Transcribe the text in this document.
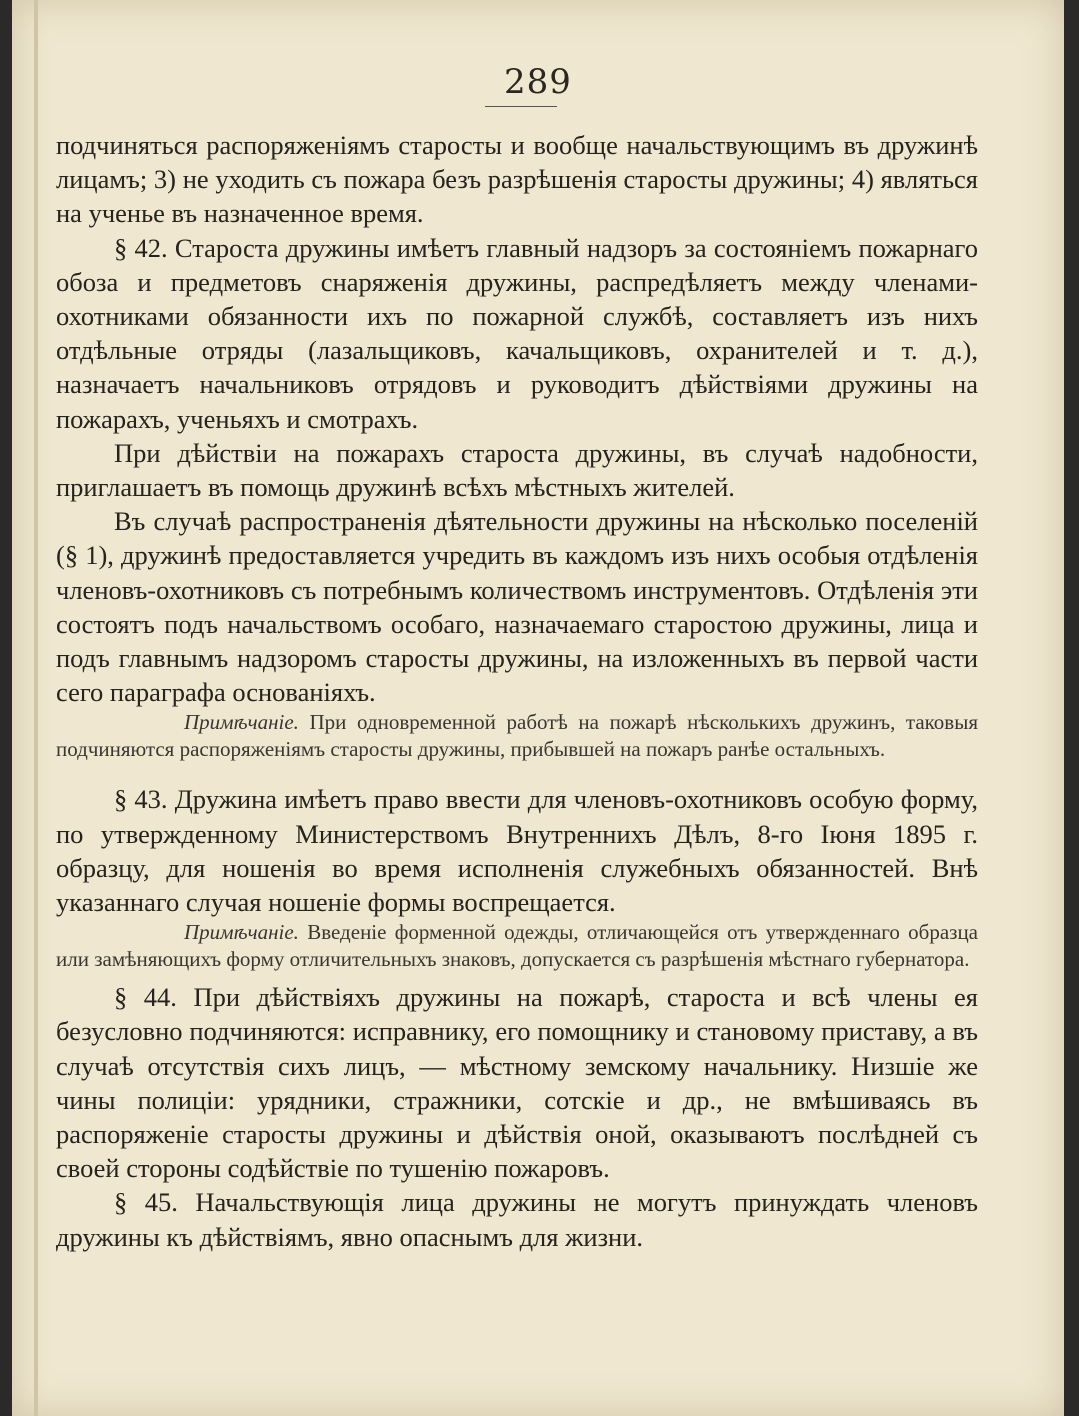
289

подчиняться распоряженіямъ старосты и вообще начальствующимъ въ дружинѣ лицамъ; 3) не уходить съ пожара безъ разрѣшенія старосты дружины; 4) являться на ученье въ назначенное время.

§ 42. Староста дружины имѣетъ главный надзоръ за состояніемъ пожарнаго обоза и предметовъ снаряженія дружины, распредѣляетъ между членами-охотниками обязанности ихъ по пожарной службѣ, составляетъ изъ нихъ отдѣльные отряды (лазальщиковъ, качальщиковъ, охранителей и т. д.), назначаетъ начальниковъ отрядовъ и руководитъ дѣйствіями дружины на пожарахъ, ученьяхъ и смотрахъ.

При дѣйствіи на пожарахъ староста дружины, въ случаѣ надобности, приглашаетъ въ помощь дружинѣ всѣхъ мѣстныхъ жителей.

Въ случаѣ распространенія дѣятельности дружины на нѣсколько поселеній (§ 1), дружинѣ предоставляется учредить въ каждомъ изъ нихъ особыя отдѣленія членовъ-охотниковъ съ потребнымъ количествомъ инструментовъ. Отдѣленія эти состоятъ подъ начальствомъ особаго, назначаемаго старостою дружины, лица и подъ главнымъ надзоромъ старосты дружины, на изложенныхъ въ первой части сего параграфа основаніяхъ.

Примѣчаніе. При одновременной работѣ на пожарѣ нѣсколькихъ дружинъ, таковыя подчиняются распоряженіямъ старосты дружины, прибывшей на пожаръ ранѣе остальныхъ.

§ 43. Дружина имѣетъ право ввести для членовъ-охотниковъ особую форму, по утвержденному Министерствомъ Внутреннихъ Дѣлъ, 8-го Іюня 1895 г. образцу, для ношенія во время исполненія служебныхъ обязанностей. Внѣ указаннаго случая ношеніе формы воспрещается.

Примѣчаніе. Введеніе форменной одежды, отличающейся отъ утвержденнаго образца или замѣняющихъ форму отличительныхъ знаковъ, допускается съ разрѣшенія мѣстнаго губернатора.

§ 44. При дѣйствіяхъ дружины на пожарѣ, староста и всѣ члены ея безусловно подчиняются: исправнику, его помощнику и становому приставу, а въ случаѣ отсутствія сихъ лицъ, — мѣстному земскому начальнику. Низшіе же чины полиціи: урядники, стражники, сотскіе и др., не вмѣшиваясь въ распоряженіе старосты дружины и дѣйствія оной, оказываютъ послѣдней съ своей стороны содѣйствіе по тушенію пожаровъ.

§ 45. Начальствующія лица дружины не могутъ принуждать членовъ дружины къ дѣйствіямъ, явно опаснымъ для жизни.
